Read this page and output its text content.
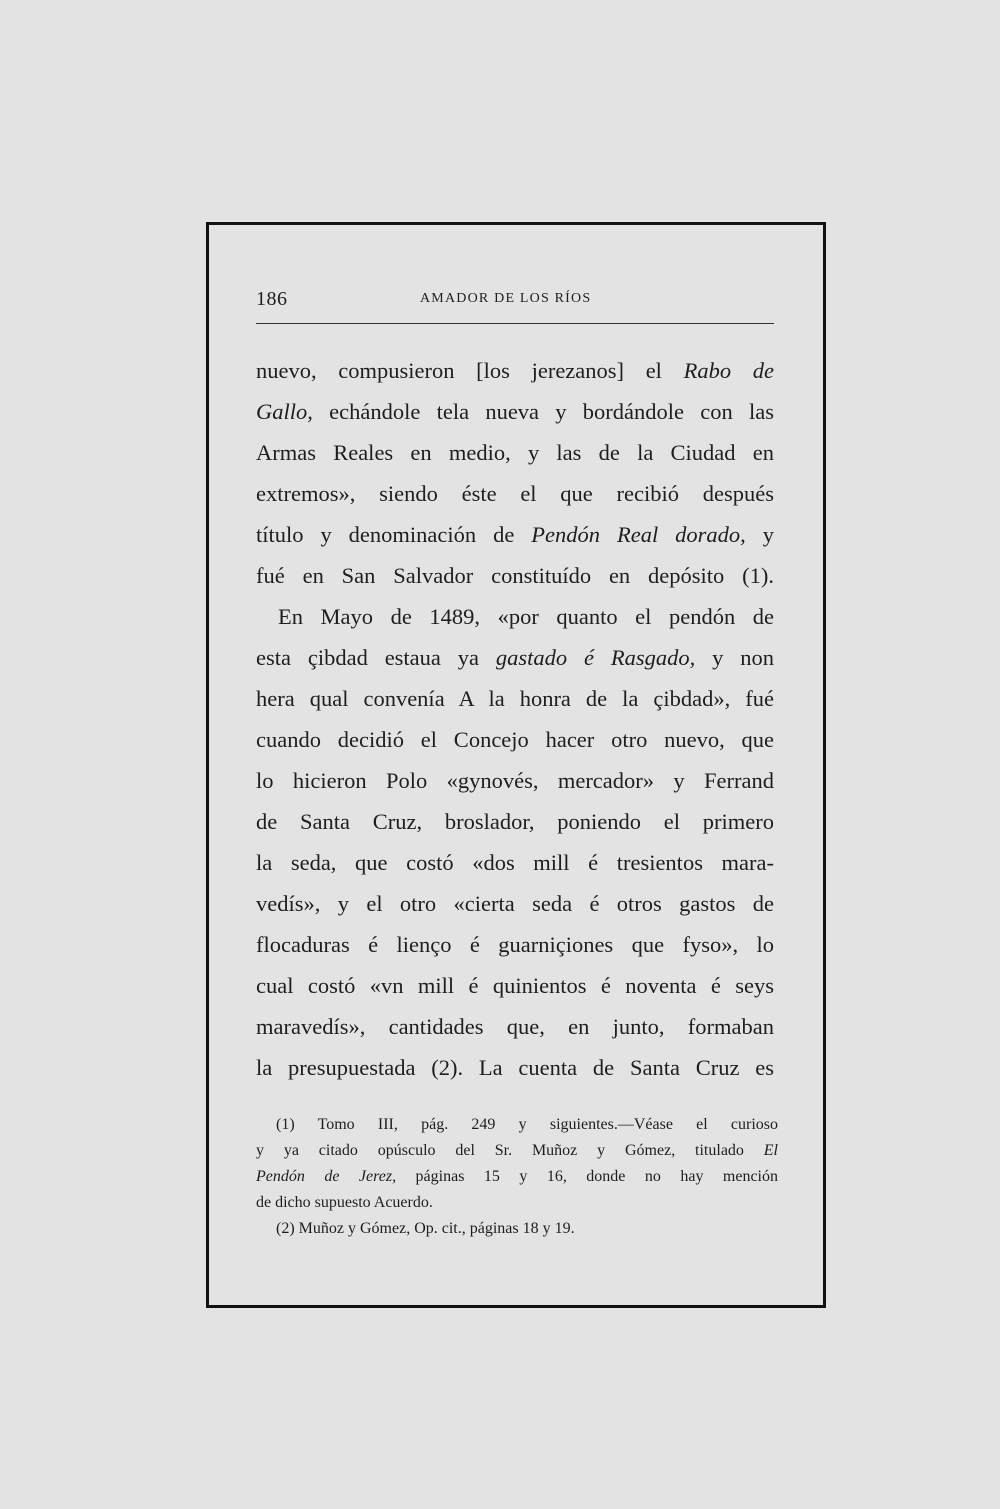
186	AMADOR DE LOS RÍOS
nuevo, compusieron [los jerezanos] el Rabo de
Gallo, echándole tela nueva y bordándole con las
Armas Reales en medio, y las de la Ciudad en
extremos», siendo éste el que recibió después
título y denominación de Pendón Real dorado, y
fué en San Salvador constituído en depósito (1).
En Mayo de 1489, «por quanto el pendón de
esta çibdad estaua ya gastado é Rasgado, y non
hera qual convenía A la honra de la çibdad», fué
cuando decidió el Concejo hacer otro nuevo, que
lo hicieron Polo «gynovés, mercador» y Ferrand
de Santa Cruz, broslador, poniendo el primero
la seda, que costó «dos mill é tresientos mara-
vedís», y el otro «cierta seda é otros gastos de
flocaduras é lienço é guarniçiones que fyso», lo
cual costó «vn mill é quinientos é noventa é seys
maravedís», cantidades que, en junto, formaban
la presupuestada (2). La cuenta de Santa Cruz es
(1) Tomo III, pág. 249 y siguientes.—Véase el curioso
y ya citado opúsculo del Sr. Muñoz y Gómez, titulado El
Pendón de Jerez, páginas 15 y 16, donde no hay mención
de dicho supuesto Acuerdo.
(2) Muñoz y Gómez, Op. cit., páginas 18 y 19.
